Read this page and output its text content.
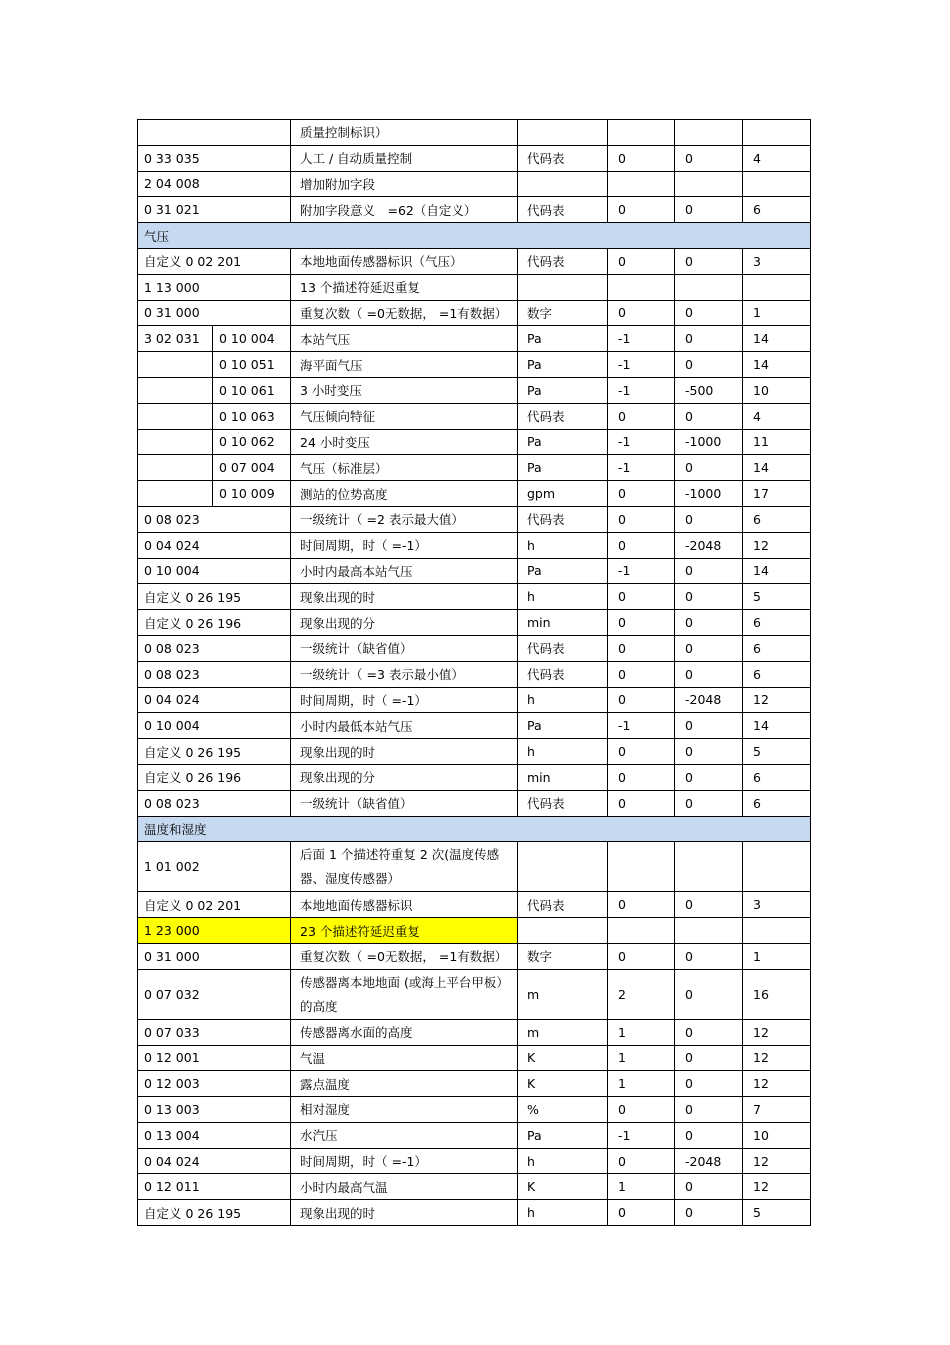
		质量控制标识）				
0 33 035		人工 / 自动质量控制	代码表	0	0	4
2 04 008		增加附加字段				
0 31 021		附加字段意义　=62（自定义）	代码表	0	0	6
气压						
自定义 0 02 201		本地地面传感器标识（气压）	代码表	0	0	3
1 13 000		13 个描述符延迟重复				
0 31 000		重复次数（ =0无数据， =1有数据）	数字	0	0	1
3 02 031	0 10 004	本站气压	Pa	-1	0	14
	0 10 051	海平面气压	Pa	-1	0	14
	0 10 061	3 小时变压	Pa	-1	-500	10
	0 10 063	气压倾向特征	代码表	0	0	4
	0 10 062	24 小时变压	Pa	-1	-1000	11
	0 07 004	气压（标准层）	Pa	-1	0	14
	0 10 009	测站的位势高度	gpm	0	-1000	17
0 08 023		一级统计（ =2 表示最大值）	代码表	0	0	6
0 04 024		时间周期，时（ =-1）	h	0	-2048	12
0 10 004		小时内最高本站气压	Pa	-1	0	14
自定义 0 26 195		现象出现的时	h	0	0	5
自定义 0 26 196		现象出现的分	min	0	0	6
0 08 023		一级统计（缺省值）	代码表	0	0	6
0 08 023		一级统计（ =3 表示最小值）	代码表	0	0	6
0 04 024		时间周期，时（ =-1）	h	0	-2048	12
0 10 004		小时内最低本站气压	Pa	-1	0	14
自定义 0 26 195		现象出现的时	h	0	0	5
自定义 0 26 196		现象出现的分	min	0	0	6
0 08 023		一级统计（缺省值）	代码表	0	0	6
温度和湿度						
1 01 002		后面 1 个描述符重复 2 次(温度传感器、湿度传感器）				
自定义 0 02 201		本地地面传感器标识	代码表	0	0	3
1 23 000		23 个描述符延迟重复				
0 31 000		重复次数（ =0无数据， =1有数据）	数字	0	0	1
0 07 032		传感器离本地地面 (或海上平台甲板）的高度	m	2	0	16
0 07 033		传感器离水面的高度	m	1	0	12
0 12 001		气温	K	1	0	12
0 12 003		露点温度	K	1	0	12
0 13 003		相对湿度	%	0	0	7
0 13 004		水汽压	Pa	-1	0	10
0 04 024		时间周期，时（ =-1）	h	0	-2048	12
0 12 011		小时内最高气温	K	1	0	12
自定义 0 26 195		现象出现的时	h	0	0	5
